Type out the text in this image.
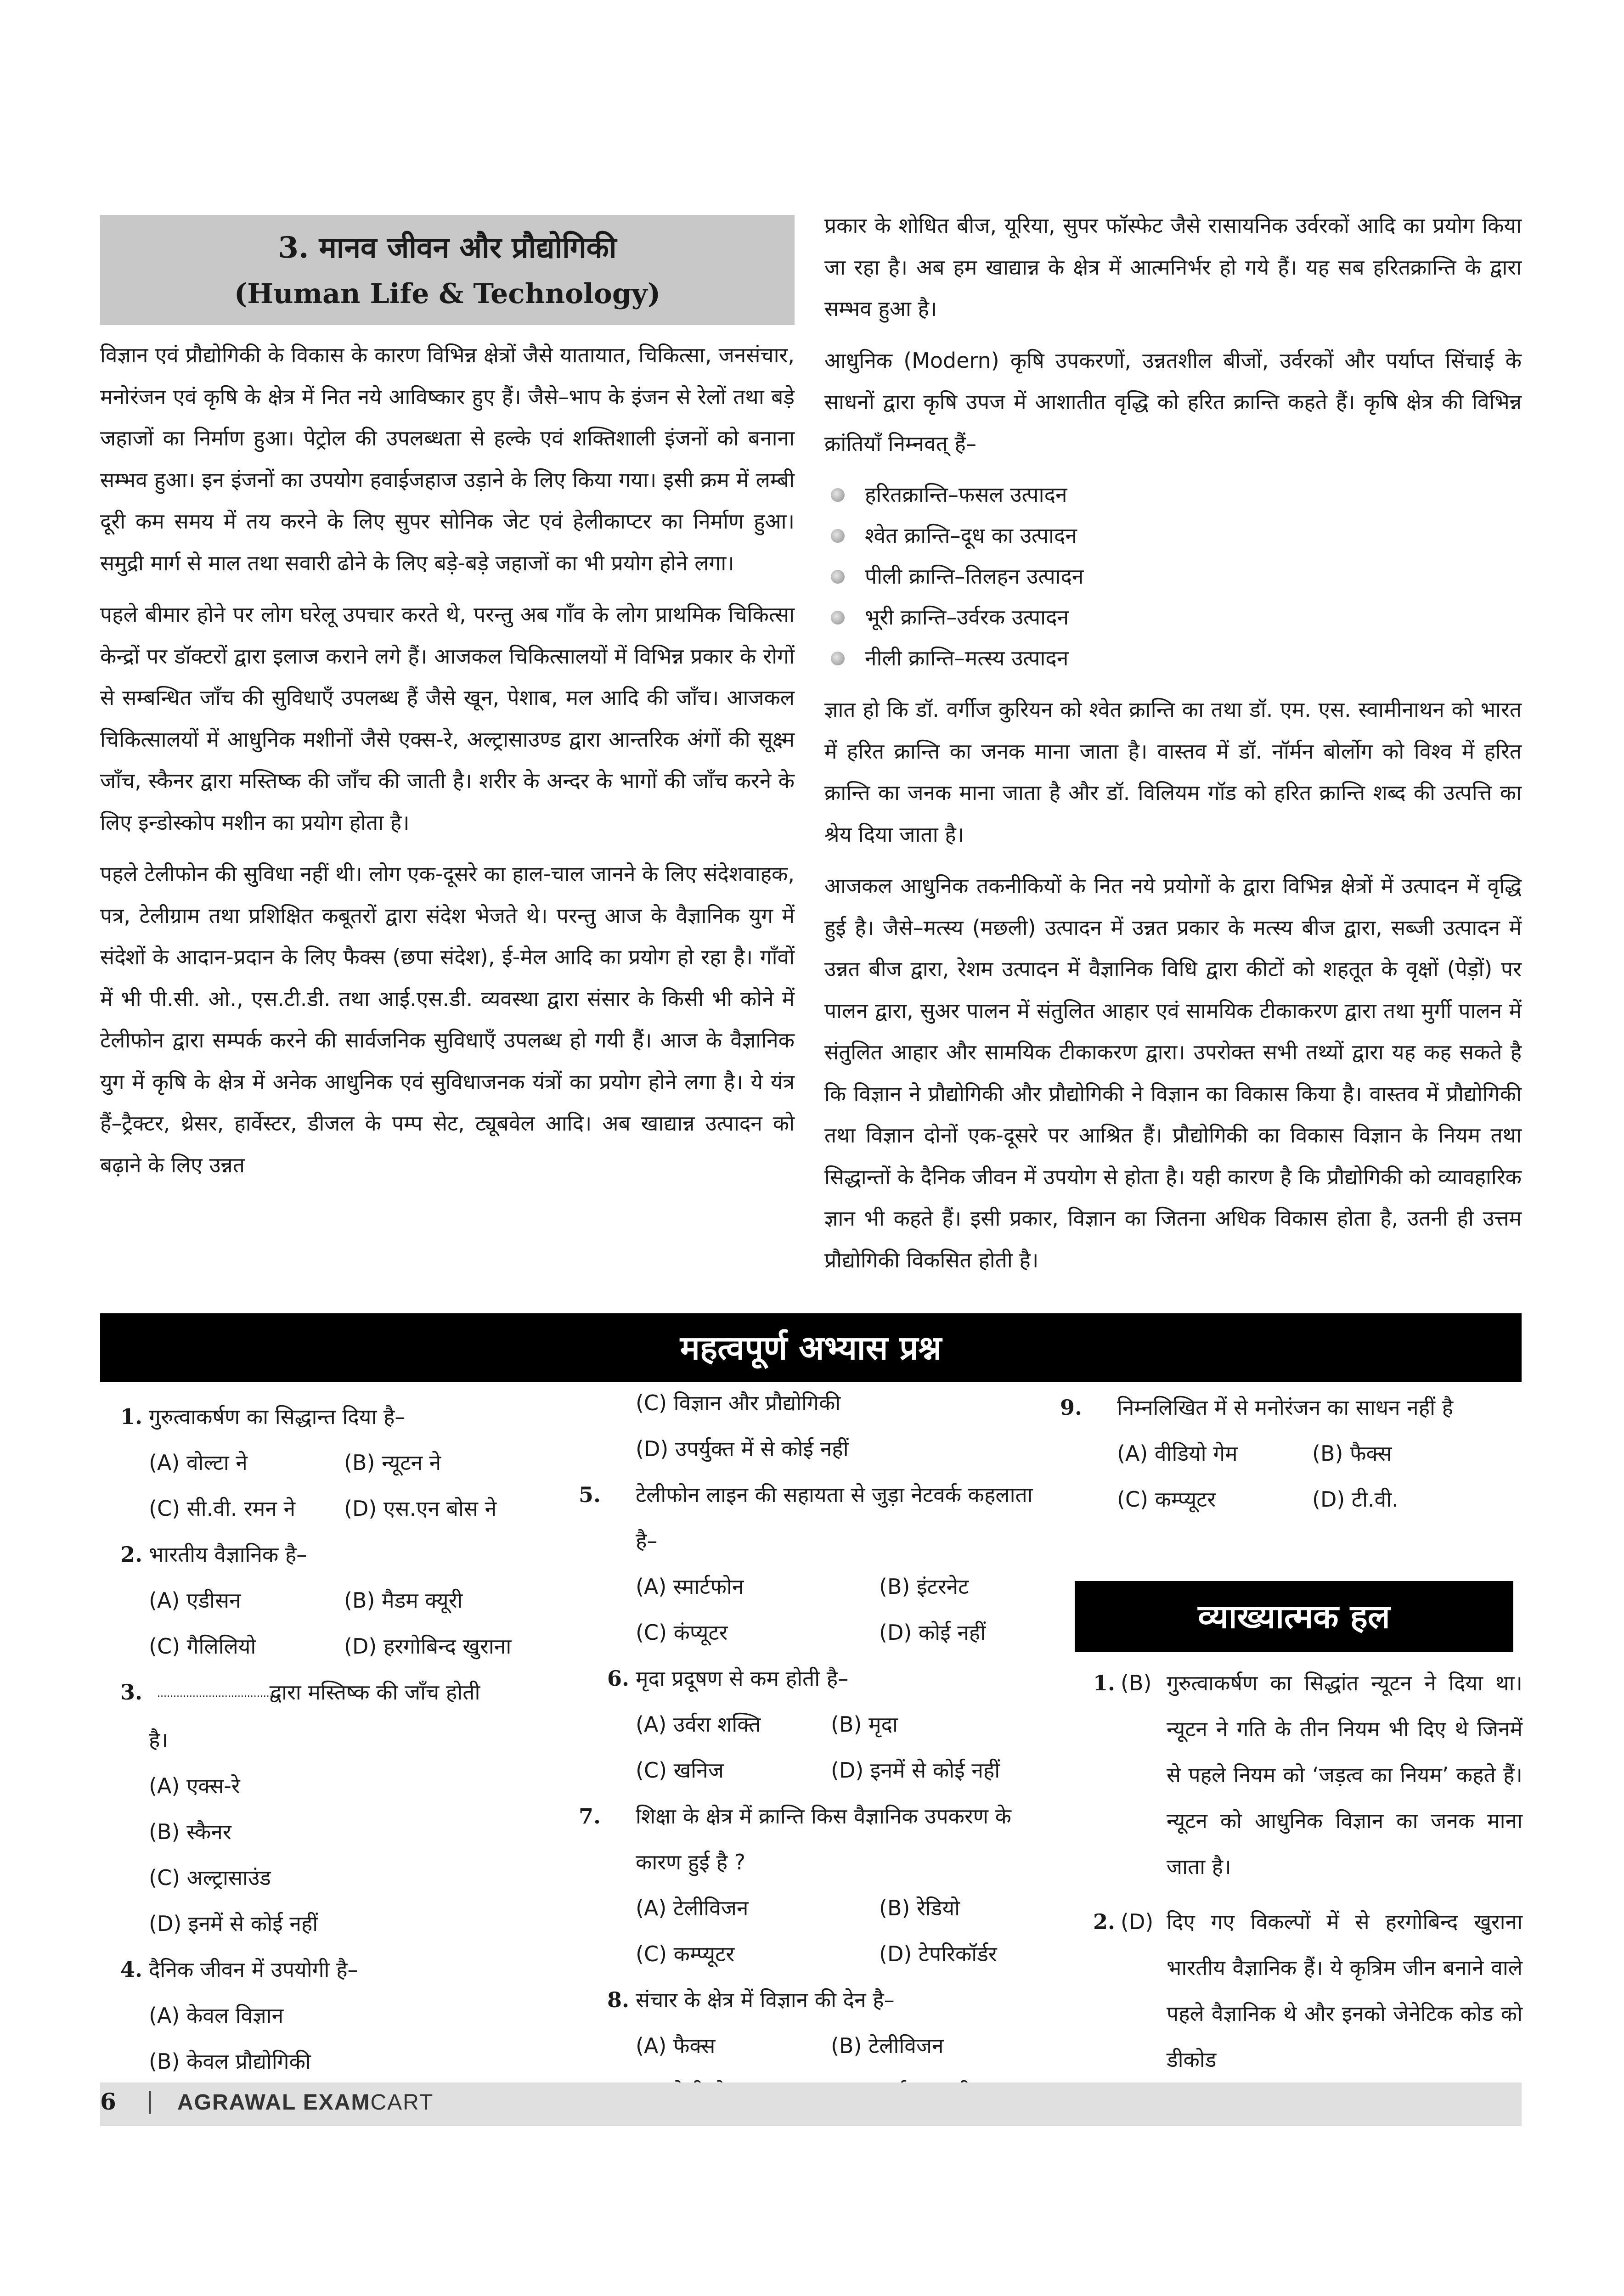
3. मानव जीवन और प्रौद्योगिकी
(Human Life & Technology)

विज्ञान एवं प्रौद्योगिकी के विकास के कारण विभिन्न क्षेत्रों जैसे यातायात, चिकित्सा, जनसंचार, मनोरंजन एवं कृषि के क्षेत्र में नित नये आविष्कार हुए हैं। जैसे–भाप के इंजन से रेलों तथा बड़े जहाजों का निर्माण हुआ। पेट्रोल की उपलब्धता से हल्के एवं शक्तिशाली इंजनों को बनाना सम्भव हुआ। इन इंजनों का उपयोग हवाईजहाज उड़ाने के लिए किया गया। इसी क्रम में लम्बी दूरी कम समय में तय करने के लिए सुपर सोनिक जेट एवं हेलीकाप्टर का निर्माण हुआ। समुद्री मार्ग से माल तथा सवारी ढोने के लिए बड़े-बड़े जहाजों का भी प्रयोग होने लगा।

पहले बीमार होने पर लोग घरेलू उपचार करते थे, परन्तु अब गाँव के लोग प्राथमिक चिकित्सा केन्द्रों पर डॉक्टरों द्वारा इलाज कराने लगे हैं। आजकल चिकित्सालयों में विभिन्न प्रकार के रोगों से सम्बन्धित जाँच की सुविधाएँ उपलब्ध हैं जैसे खून, पेशाब, मल आदि की जाँच। आजकल चिकित्सालयों में आधुनिक मशीनों जैसे एक्स-रे, अल्ट्रासाउण्ड द्वारा आन्तरिक अंगों की सूक्ष्म जाँच, स्कैनर द्वारा मस्तिष्क की जाँच की जाती है। शरीर के अन्दर के भागों की जाँच करने के लिए इन्डोस्कोप मशीन का प्रयोग होता है।

पहले टेलीफोन की सुविधा नहीं थी। लोग एक-दूसरे का हाल-चाल जानने के लिए संदेशवाहक, पत्र, टेलीग्राम तथा प्रशिक्षित कबूतरों द्वारा संदेश भेजते थे। परन्तु आज के वैज्ञानिक युग में संदेशों के आदान-प्रदान के लिए फैक्स (छपा संदेश), ई-मेल आदि का प्रयोग हो रहा है। गाँवों में भी पी.सी. ओ., एस.टी.डी. तथा आई.एस.डी. व्यवस्था द्वारा संसार के किसी भी कोने में टेलीफोन द्वारा सम्पर्क करने की सार्वजनिक सुविधाएँ उपलब्ध हो गयी हैं। आज के वैज्ञानिक युग में कृषि के क्षेत्र में अनेक आधुनिक एवं सुविधाजनक यंत्रों का प्रयोग होने लगा है। ये यंत्र हैं–ट्रैक्टर, थ्रेसर, हार्वेस्टर, डीजल के पम्प सेट, ट्यूबवेल आदि। अब खाद्यान्न उत्पादन को बढ़ाने के लिए उन्नत

प्रकार के शोधित बीज, यूरिया, सुपर फॉस्फेट जैसे रासायनिक उर्वरकों आदि का प्रयोग किया जा रहा है। अब हम खाद्यान्न के क्षेत्र में आत्मनिर्भर हो गये हैं। यह सब हरितक्रान्ति के द्वारा सम्भव हुआ है।

आधुनिक (Modern) कृषि उपकरणों, उन्नतशील बीजों, उर्वरकों और पर्याप्त सिंचाई के साधनों द्वारा कृषि उपज में आशातीत वृद्धि को हरित क्रान्ति कहते हैं। कृषि क्षेत्र की विभिन्न क्रांतियाँ निम्नवत् हैं–

हरितक्रान्ति–फसल उत्पादन
श्वेत क्रान्ति–दूध का उत्पादन
पीली क्रान्ति–तिलहन उत्पादन
भूरी क्रान्ति–उर्वरक उत्पादन
नीली क्रान्ति–मत्स्य उत्पादन

ज्ञात हो कि डॉ. वर्गीज कुरियन को श्वेत क्रान्ति का तथा डॉ. एम. एस. स्वामीनाथन को भारत में हरित क्रान्ति का जनक माना जाता है। वास्तव में डॉ. नॉर्मन बोर्लोग को विश्व में हरित क्रान्ति का जनक माना जाता है और डॉ. विलियम गॉड को हरित क्रान्ति शब्द की उत्पत्ति का श्रेय दिया जाता है।

आजकल आधुनिक तकनीकियों के नित नये प्रयोगों के द्वारा विभिन्न क्षेत्रों में उत्पादन में वृद्धि हुई है। जैसे–मत्स्य (मछली) उत्पादन में उन्नत प्रकार के मत्स्य बीज द्वारा, सब्जी उत्पादन में उन्नत बीज द्वारा, रेशम उत्पादन में वैज्ञानिक विधि द्वारा कीटों को शहतूत के वृक्षों (पेड़ों) पर पालन द्वारा, सुअर पालन में संतुलित आहार एवं सामयिक टीकाकरण द्वारा तथा मुर्गी पालन में संतुलित आहार और सामयिक टीकाकरण द्वारा। उपरोक्त सभी तथ्यों द्वारा यह कह सकते है कि विज्ञान ने प्रौद्योगिकी और प्रौद्योगिकी ने विज्ञान का विकास किया है। वास्तव में प्रौद्योगिकी तथा विज्ञान दोनों एक-दूसरे पर आश्रित हैं। प्रौद्योगिकी का विकास विज्ञान के नियम तथा सिद्धान्तों के दैनिक जीवन में उपयोग से होता है। यही कारण है कि प्रौद्योगिकी को व्यावहारिक ज्ञान भी कहते हैं। इसी प्रकार, विज्ञान का जितना अधिक विकास होता है, उतनी ही उत्तम प्रौद्योगिकी विकसित होती है।

महत्वपूर्ण अभ्यास प्रश्न
1. गुरुत्वाकर्षण का सिद्धान्त दिया है–
(A) वोल्टा ने	(B) न्यूटन ने
(C) सी.वी. रमन ने (D) एस.एन बोस ने
2. भारतीय वैज्ञानिक है–
(A) एडीसन	(B) मैडम क्यूरी
(C) गैलिलियो	(D) हरगोबिन्द खुराना
3. ...................................... द्वारा मस्तिष्क की जाँच होती
है।
(A) एक्स-रे
(B) स्कैनर
(C) अल्ट्रासाउंड
(D) इनमें से कोई नहीं
4. दैनिक जीवन में उपयोगी है–
(A) केवल विज्ञान
(B) केवल प्रौद्योगिकी
(C) विज्ञान और प्रौद्योगिकी
(D) उपर्युक्त में से कोई नहीं
5. टेलीफोन लाइन की सहायता से जुड़ा नेटवर्क कहलाता है–
(A) स्मार्टफोन	(B) इंटरनेट
(C) कंप्यूटर	(D) कोई नहीं
6. मृदा प्रदूषण से कम होती है–
(A) उर्वरा शक्ति	(B) मृदा
(C) खनिज	(D) इनमें से कोई नहीं
7. शिक्षा के क्षेत्र में क्रान्ति किस वैज्ञानिक उपकरण के कारण हुई है ?
(A) टेलीविजन	(B) रेडियो
(C) कम्प्यूटर	(D) टेपरिकॉर्डर
8. संचार के क्षेत्र में विज्ञान की देन है–
(A) फैक्स	(B) टेलीविजन
9. निम्नलिखित में से मनोरंजन का साधन नहीं है
(A) वीडियो गेम	(B) फैक्स
(C) कम्प्यूटर	(D) टी.वी.
व्याख्यात्मक हल
1. (B) गुरुत्वाकर्षण का सिद्धांत न्यूटन ने दिया था। न्यूटन ने गति के तीन नियम भी दिए थे जिनमें से पहले नियम को ‘जड़त्व का नियम’ कहते हैं। न्यूटन को आधुनिक विज्ञान का जनक माना जाता है।
2. (D) दिए गए विकल्पों में से हरगोबिन्द खुराना भारतीय वैज्ञानिक हैं। ये कृत्रिम जीन बनाने वाले पहले वैज्ञानिक थे और इनको जेनेटिक कोड को डीकोड
6 | AGRAWAL EXAMCART
